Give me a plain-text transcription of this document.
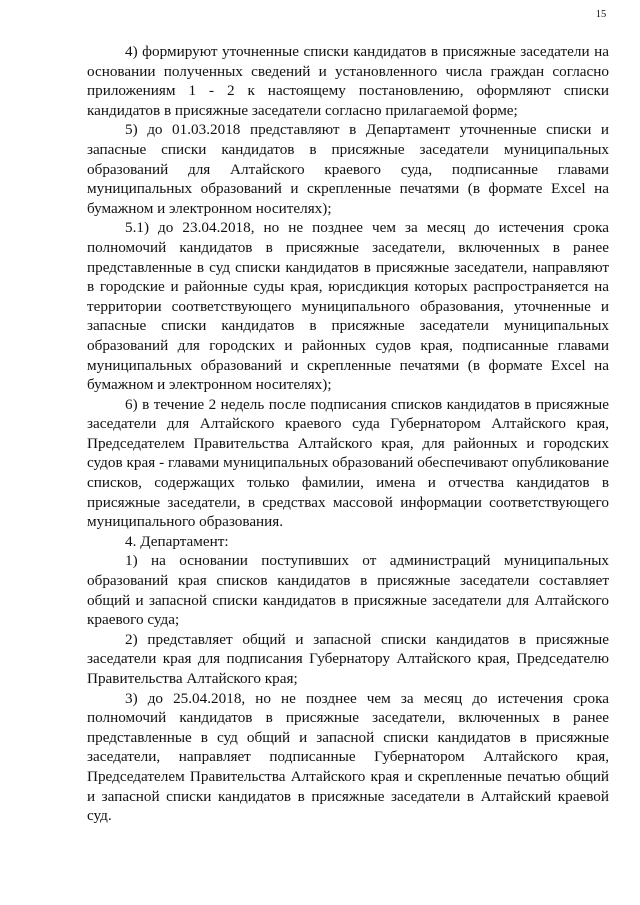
15

4) формируют уточненные списки кандидатов в присяжные заседатели на основании полученных сведений и установленного числа граждан согласно приложениям 1 - 2 к настоящему постановлению, оформляют списки кандидатов в присяжные заседатели согласно прилагаемой форме;

5) до 01.03.2018 представляют в Департамент уточненные списки и запасные списки кандидатов в присяжные заседатели муниципальных образований для Алтайского краевого суда, подписанные главами муниципальных образований и скрепленные печатями (в формате Excel на бумажном и электронном носителях);

5.1) до 23.04.2018, но не позднее чем за месяц до истечения срока полномочий кандидатов в присяжные заседатели, включенных в ранее представленные в суд списки кандидатов в присяжные заседатели, направляют в городские и районные суды края, юрисдикция которых распространяется на территории соответствующего муниципального образования, уточненные и запасные списки кандидатов в присяжные заседатели муниципальных образований для городских и районных судов края, подписанные главами муниципальных образований и скрепленные печатями (в формате Excel на бумажном и электронном носителях);

6) в течение 2 недель после подписания списков кандидатов в присяжные заседатели для Алтайского краевого суда Губернатором Алтайского края, Председателем Правительства Алтайского края, для районных и городских судов края - главами муниципальных образований обеспечивают опубликование списков, содержащих только фамилии, имена и отчества кандидатов в присяжные заседатели, в средствах массовой информации соответствующего муниципального образования.

4. Департамент:

1) на основании поступивших от администраций муниципальных образований края списков кандидатов в присяжные заседатели составляет общий и запасной списки кандидатов в присяжные заседатели для Алтайского краевого суда;

2) представляет общий и запасной списки кандидатов в присяжные заседатели края для подписания Губернатору Алтайского края, Председателю Правительства Алтайского края;

3) до 25.04.2018, но не позднее чем за месяц до истечения срока полномочий кандидатов в присяжные заседатели, включенных в ранее представленные в суд общий и запасной списки кандидатов в присяжные заседатели, направляет подписанные Губернатором Алтайского края, Председателем Правительства Алтайского края и скрепленные печатью общий и запасной списки кандидатов в присяжные заседатели в Алтайский краевой суд.
